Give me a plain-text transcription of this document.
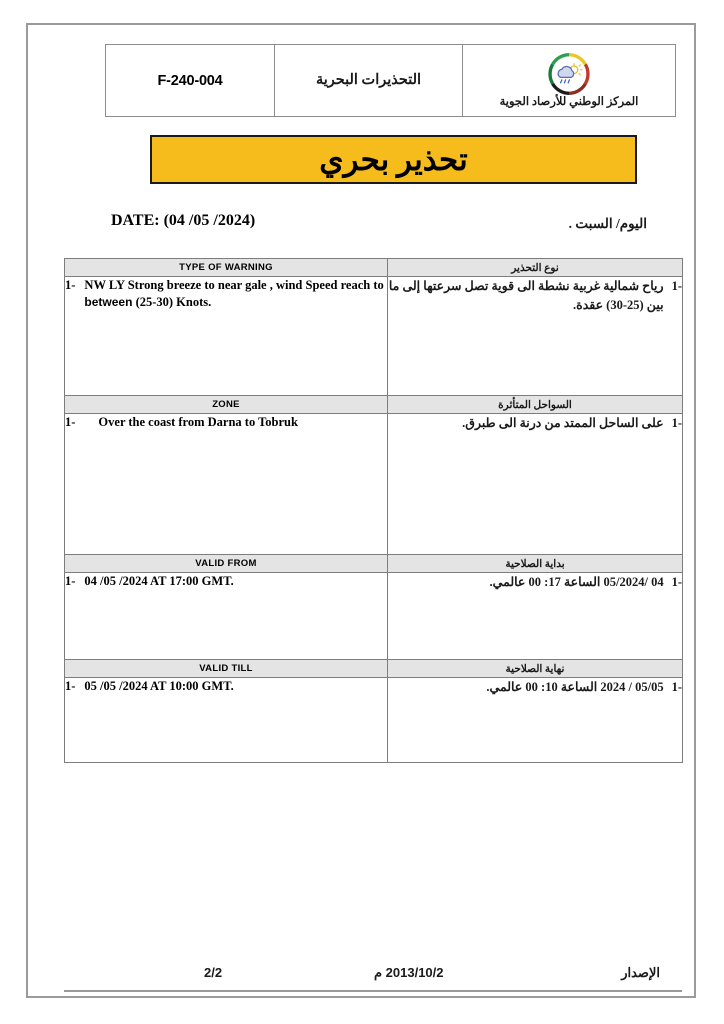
F-240-004	التحذيرات البحرية	
المركز الوطني للأرصاد الجوية
تحذير بحري
DATE: (04 /05 /2024)	اليوم/ السبت .
TYPE OF WARNING	نوع التحذير

1- NW LY Strong breeze to near gale , wind Speed reach to between (25-30) Knots.	-1
رياح شمالية غربية نشطة الى قوية تصل سرعتها إلى ما بين (25-30) عقدة.

ZONE	السواحل المتأثرة

1- Over the coast from Darna to Tobruk	-1
على الساحل الممتد من درنة الى طبرق.

VALID FROM	بداية الصلاحية

1- 04 /05 /2024 AT 17:00 GMT.	-1
04 /05/2024 الساعة 17: 00 عالمي.

VALID TILL	نهاية الصلاحية

1- 05 /05 /2024 AT 10:00 GMT.	-1
05/05 / 2024 الساعة 10: 00 عالمي.
2/2	2013/10/2 م	الإصدار
